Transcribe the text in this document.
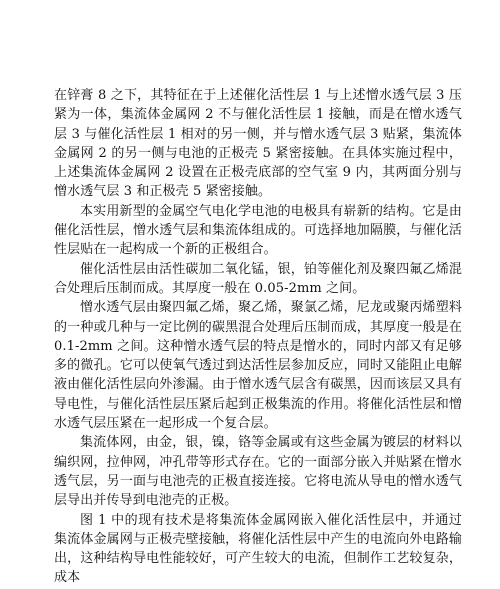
在锌膏 8 之下，其特征在于上述催化活性层 1 与上述憎水透气层 3 压紧为一体，集流体金属网 2 不与催化活性层 1 接触，而是在憎水透气层 3 与催化活性层 1 相对的另一侧，并与憎水透气层 3 贴紧，集流体金属网 2 的另一侧与电池的正极壳 5 紧密接触。在具体实施过程中，上述集流体金属网 2 设置在正极壳底部的空气室 9 内，其两面分别与憎水透气层 3 和正极壳 5 紧密接触。

本实用新型的金属空气电化学电池的电极具有崭新的结构。它是由催化活性层，憎水透气层和集流体组成的。可选择地加隔膜，与催化活性层贴在一起构成一个新的正极组合。

催化活性层由活性碳加二氧化锰，银，铂等催化剂及聚四氟乙烯混合处理后压制而成。其厚度一般在 0.05-2mm 之间。

憎水透气层由聚四氟乙烯，聚乙烯，聚氯乙烯，尼龙或聚丙烯塑料的一种或几种与一定比例的碳黑混合处理后压制而成，其厚度一般是在 0.1-2mm 之间。这种憎水透气层的特点是憎水的，同时内部又有足够多的微孔。它可以使氧气透过到达活性层参加反应，同时又能阻止电解液由催化活性层向外渗漏。由于憎水透气层含有碳黑，因而该层又具有导电性，与催化活性层压紧后起到正极集流的作用。将催化活性层和憎水透气层压紧在一起形成一个复合层。

集流体网，由金，银，镍，铬等金属或有这些金属为镀层的材料以编织网，拉伸网，冲孔带等形式存在。它的一面部分嵌入并贴紧在憎水透气层，另一面与电池壳的正极直接连接。它将电流从导电的憎水透气层导出并传导到电池壳的正极。

图 1 中的现有技术是将集流体金属网嵌入催化活性层中，并通过集流体金属网与正极壳壁接触，将催化活性层中产生的电流向外电路输出，这种结构导电性能较好，可产生较大的电流，但制作工艺较复杂，成本
